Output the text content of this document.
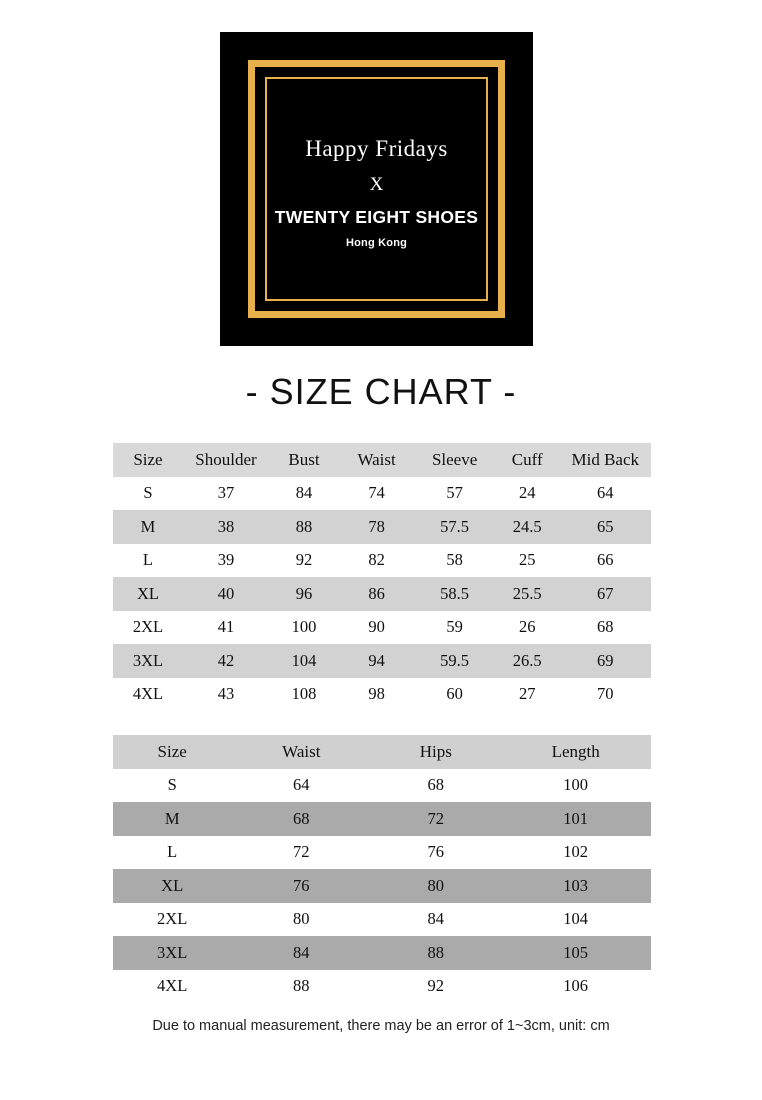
Happy Fridays
X
TWENTY EIGHT SHOES
Hong Kong
- SIZE CHART -
Size	Shoulder	Bust	Waist	Sleeve	Cuff	Mid Back
S	37	84	74	57	24	64
M	38	88	78	57.5	24.5	65
L	39	92	82	58	25	66
XL	40	96	86	58.5	25.5	67
2XL	41	100	90	59	26	68
3XL	42	104	94	59.5	26.5	69
4XL	43	108	98	60	27	70
Size	Waist	Hips	Length
S	64	68	100
M	68	72	101
L	72	76	102
XL	76	80	103
2XL	80	84	104
3XL	84	88	105
4XL	88	92	106
Due to manual measurement, there may be an error of 1~3cm, unit: cm
